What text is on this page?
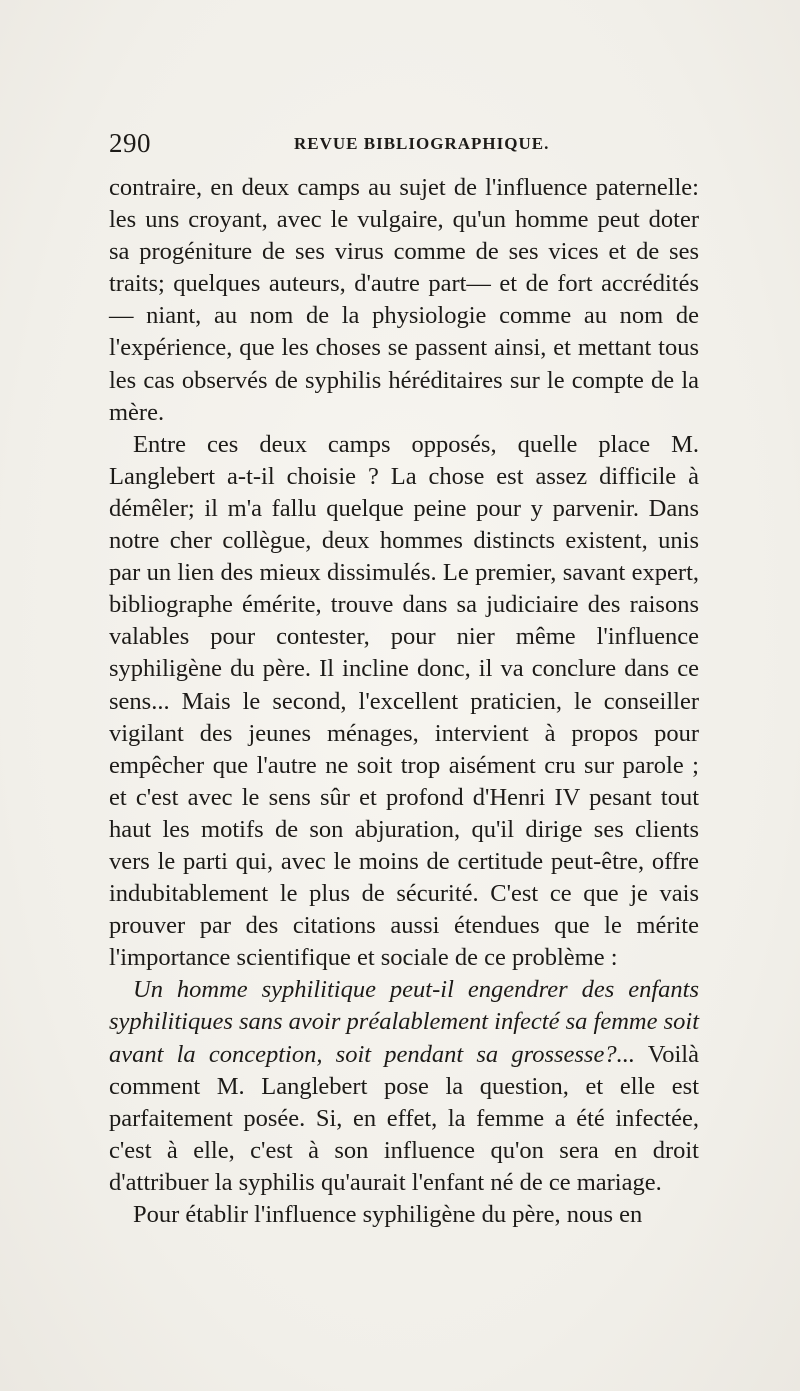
290	REVUE BIBLIOGRAPHIQUE.

contraire, en deux camps au sujet de l'influence paternelle: les uns croyant, avec le vulgaire, qu'un homme peut doter sa progéniture de ses virus comme de ses vices et de ses traits; quelques auteurs, d'autre part— et de fort accrédités — niant, au nom de la physiologie comme au nom de l'expérience, que les choses se passent ainsi, et mettant tous les cas observés de syphilis héréditaires sur le compte de la mère.

Entre ces deux camps opposés, quelle place M. Langlebert a-t-il choisie ? La chose est assez difficile à démêler; il m'a fallu quelque peine pour y parvenir. Dans notre cher collègue, deux hommes distincts existent, unis par un lien des mieux dissimulés. Le premier, savant expert, bibliographe émérite, trouve dans sa judiciaire des raisons valables pour contester, pour nier même l'influence syphiligène du père. Il incline donc, il va conclure dans ce sens... Mais le second, l'excellent praticien, le conseiller vigilant des jeunes ménages, intervient à propos pour empêcher que l'autre ne soit trop aisément cru sur parole ; et c'est avec le sens sûr et profond d'Henri IV pesant tout haut les motifs de son abjuration, qu'il dirige ses clients vers le parti qui, avec le moins de certitude peut-être, offre indubitablement le plus de sécurité. C'est ce que je vais prouver par des citations aussi étendues que le mérite l'importance scientifique et sociale de ce problème :

Un homme syphilitique peut-il engendrer des enfants syphilitiques sans avoir préalablement infecté sa femme soit avant la conception, soit pendant sa grossesse?... Voilà comment M. Langlebert pose la question, et elle est parfaitement posée. Si, en effet, la femme a été infectée, c'est à elle, c'est à son influence qu'on sera en droit d'attribuer la syphilis qu'aurait l'enfant né de ce mariage.

Pour établir l'influence syphiligène du père, nous en
